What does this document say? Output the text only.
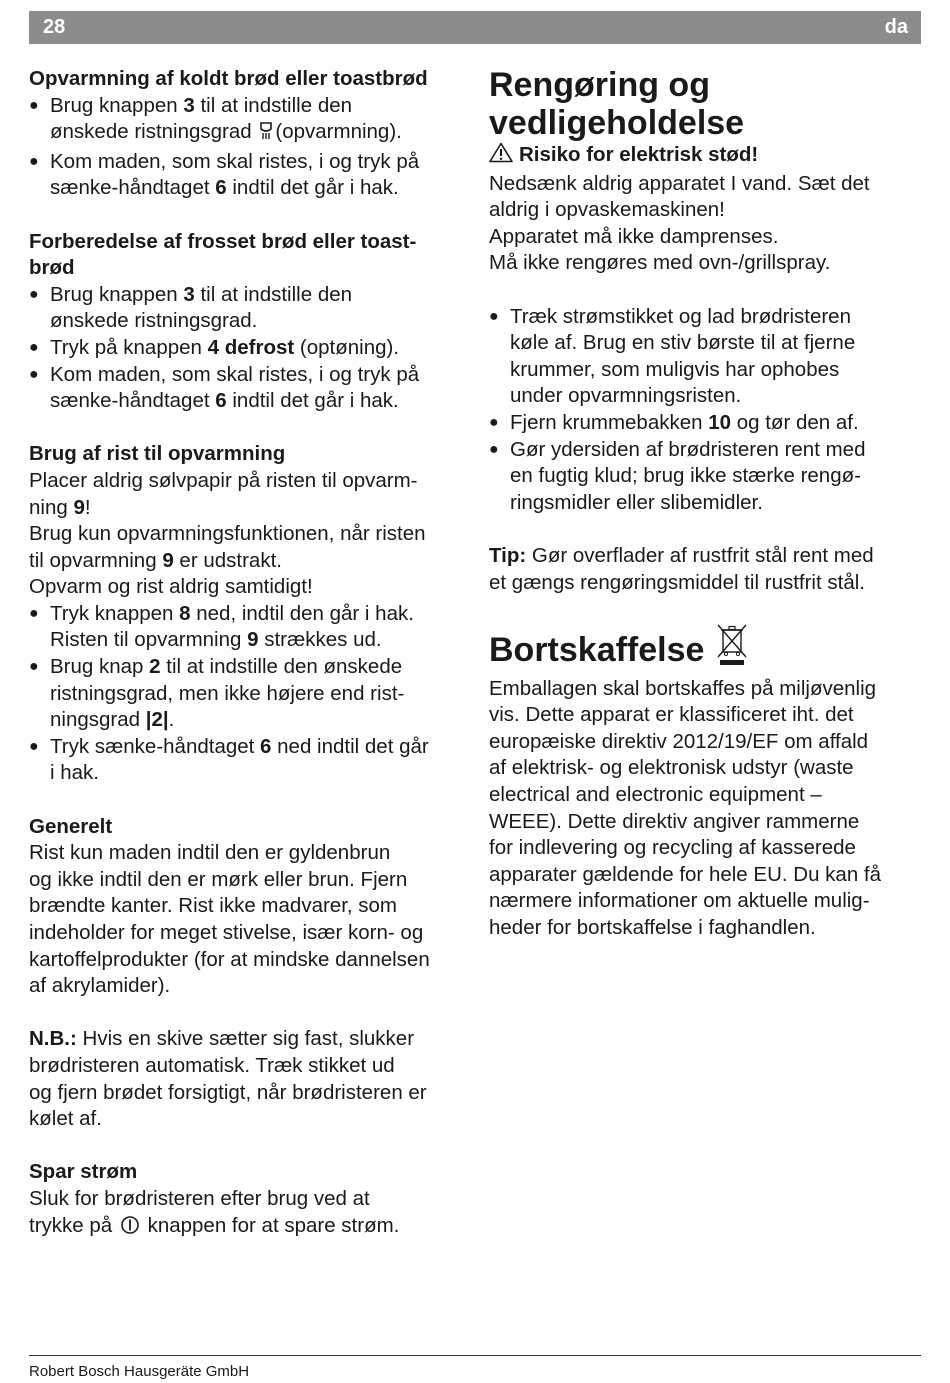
28	da

Opvarmning af koldt brød eller toastbrød

● Brug knappen 3 til at indstille den
ønskede ristningsgrad (opvarmning).
● Kom maden, som skal ristes, i og tryk på
sænke-håndtaget 6 indtil det går i hak.

Forberedelse af frosset brød eller toast-
brød

● Brug knappen 3 til at indstille den
ønskede ristningsgrad.
● Tryk på knappen 4 defrost (optøning).
● Kom maden, som skal ristes, i og tryk på
sænke-håndtaget 6 indtil det går i hak.

Brug af rist til opvarmning

Placer aldrig sølvpapir på risten til opvarm-
ning 9!
Brug kun opvarmningsfunktionen, når risten
til opvarmning 9 er udstrakt.
Opvarm og rist aldrig samtidigt!

● Tryk knappen 8 ned, indtil den går i hak.
Risten til opvarmning 9 strækkes ud.
● Brug knap 2 til at indstille den ønskede
ristningsgrad, men ikke højere end rist-
ningsgrad |2|.
● Tryk sænke-håndtaget 6 ned indtil det går
i hak.

Generelt

Rist kun maden indtil den er gyldenbrun
og ikke indtil den er mørk eller brun. Fjern
brændte kanter. Rist ikke madvarer, som
indeholder for meget stivelse, især korn- og
kartoffelprodukter (for at mindske dannelsen
af akrylamider).

N.B.: Hvis en skive sætter sig fast, slukker
brødristeren automatisk. Træk stikket ud
og fjern brødet forsigtigt, når brødristeren er
kølet af.

Spar strøm

Sluk for brødristeren efter brug ved at
trykke på  knappen for at spare strøm.

Rengøring og
vedligeholdelse

Risiko for elektrisk stød!

Nedsænk aldrig apparatet I vand. Sæt det
aldrig i opvaskemaskinen!
Apparatet må ikke damprenses.
Må ikke rengøres med ovn-/grillspray.

● Træk strømstikket og lad brødristeren
køle af. Brug en stiv børste til at fjerne
krummer, som muligvis har ophobes
under opvarmningsristen.
● Fjern krummebakken 10 og tør den af.
● Gør ydersiden af brødristeren rent med
en fugtig klud; brug ikke stærke rengø-
ringsmidler eller slibemidler.

Tip: Gør overflader af rustfrit stål rent med
et gængs rengøringsmiddel til rustfrit stål.

Bortskaffelse

Emballagen skal bortskaffes på miljøvenlig
vis. Dette apparat er klassificeret iht. det
europæiske direktiv 2012/19/EF om affald
af elektrisk- og elektronisk udstyr (waste
electrical and electronic equipment –
WEEE). Dette direktiv angiver rammerne
for indlevering og recycling af kasserede
apparater gældende for hele EU. Du kan få
nærmere informationer om aktuelle mulig-
heder for bortskaffelse i faghandlen.

Robert Bosch Hausgeräte GmbH
